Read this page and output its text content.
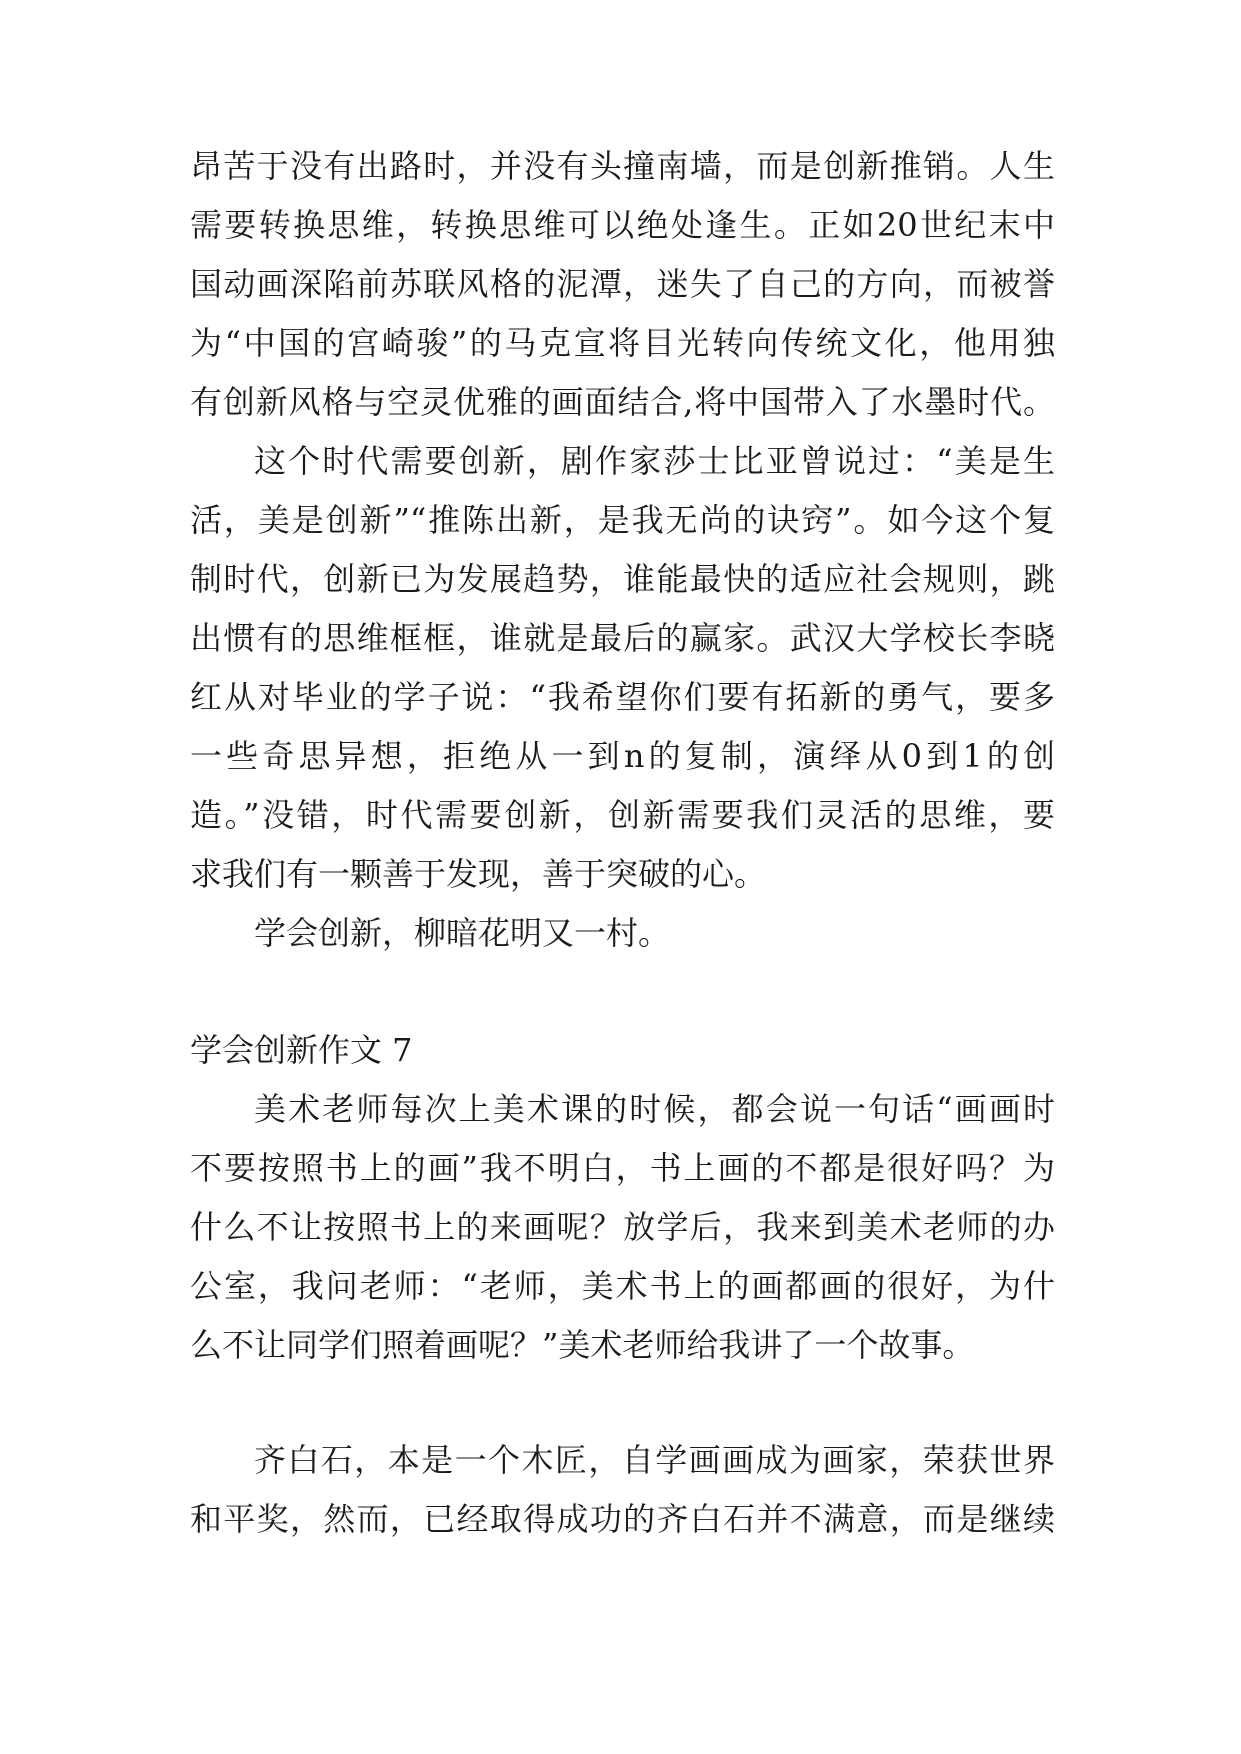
昂苦于没有出路时，并没有头撞南墙，而是创新推销。人生
需要转换思维，转换思维可以绝处逢生。正如20世纪末中
国动画深陷前苏联风格的泥潭，迷失了自己的方向，而被誉
为“中国的宫崎骏”的马克宣将目光转向传统文化，他用独
有创新风格与空灵优雅的画面结合,将中国带入了水墨时代。
这个时代需要创新，剧作家莎士比亚曾说过：“美是生
活，美是创新”“推陈出新，是我无尚的诀窍”。如今这个复
制时代，创新已为发展趋势，谁能最快的适应社会规则，跳
出惯有的思维框框，谁就是最后的赢家。武汉大学校长李晓
红从对毕业的学子说：“我希望你们要有拓新的勇气，要多
一些奇思异想，拒绝从一到n的复制，演绎从0到1的创
造。”没错，时代需要创新，创新需要我们灵活的思维，要
求我们有一颗善于发现，善于突破的心。
学会创新，柳暗花明又一村。
学会创新作文 7
美术老师每次上美术课的时候，都会说一句话“画画时
不要按照书上的画”我不明白，书上画的不都是很好吗？为
什么不让按照书上的来画呢？放学后，我来到美术老师的办
公室，我问老师：“老师，美术书上的画都画的很好，为什
么不让同学们照着画呢？”美术老师给我讲了一个故事。
齐白石，本是一个木匠，自学画画成为画家，荣获世界
和平奖，然而，已经取得成功的齐白石并不满意，而是继续
